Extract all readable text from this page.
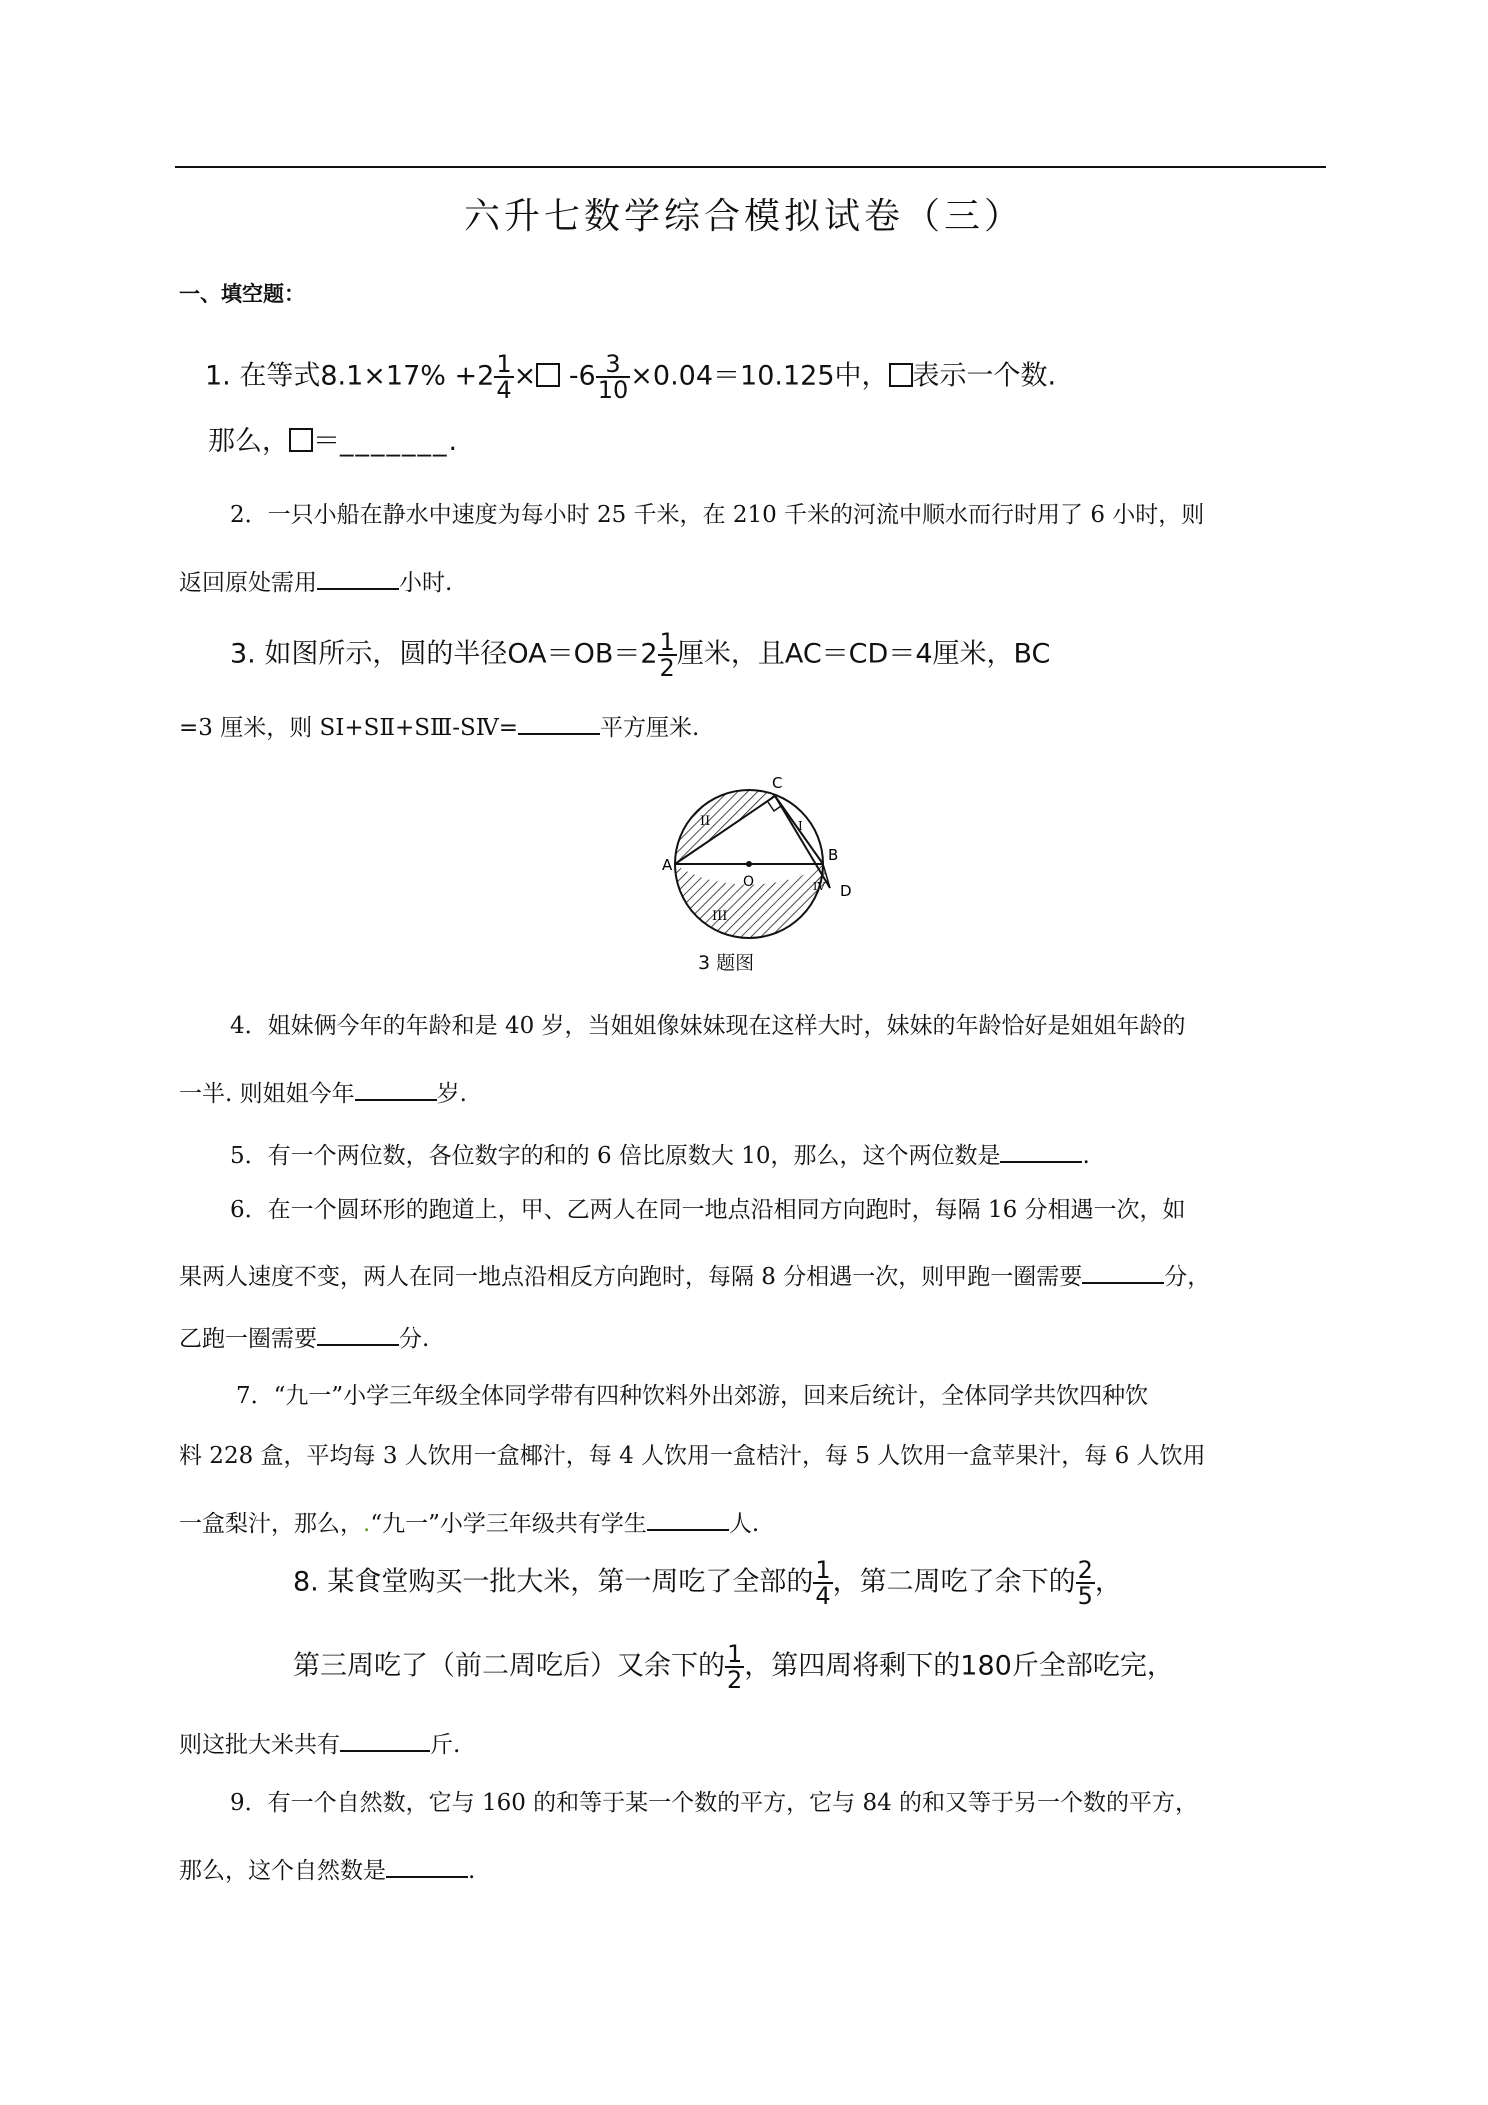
六升七数学综合模拟试卷（三）
一、填空题：
1. 在等式$8.1\times 17\% +2 \frac{1}{4} \times -6 \frac{3}{10} \times 0.04=10.125$中， 表示一个数.
那么， ＝_______.
2．一只小船在静水中速度为每小时 25 千米，在 210 千米的河流中顺水而行时用了 6 小时，则
返回原处需用	小时.
3. 如图所示，圆的半径$OA=OB=2 \frac{1}{2}$ 厘米，且AC＝CD＝4厘米，BC
=3 厘米，则 SⅠ+SⅡ+SⅢ-SⅣ=	平方厘米.
A
B
C
D
O
I
II
III
IV
3 题图
4．姐妹俩今年的年龄和是 40 岁，当姐姐像妹妹现在这样大时，妹妹的年龄恰好是姐姐年龄的
一半. 则姐姐今年	岁.
5．有一个两位数，各位数字的和的 6 倍比原数大 10，那么，这个两位数是	.
6．在一个圆环形的跑道上，甲、乙两人在同一地点沿相同方向跑时，每隔 16 分相遇一次，如
果两人速度不变，两人在同一地点沿相反方向跑时，每隔 8 分相遇一次，则甲跑一圈需要	分，
乙跑一圈需要	分.
7．“九一”小学三年级全体同学带有四种饮料外出郊游，回来后统计，全体同学共饮四种饮
料 228 盒，平均每 3 人饮用一盒椰汁，每 4 人饮用一盒桔汁，每 5 人饮用一盒苹果汁，每 6 人饮用
一盒梨汁，那么，.“九一”小学三年级共有学生	人.
8. 某食堂购买一批大米，第一周吃了全部的 $\frac{1}{4}$ ，第二周吃了余下的 $\frac{2}{5}$ ，
第三周吃了（前二周吃后）又余下的 $\frac{1}{2}$ ，第四周将剩下的180斤全部吃完，
则这批大米共有	斤.
9．有一个自然数，它与 160 的和等于某一个数的平方，它与 84 的和又等于另一个数的平方，
那么，这个自然数是	.
